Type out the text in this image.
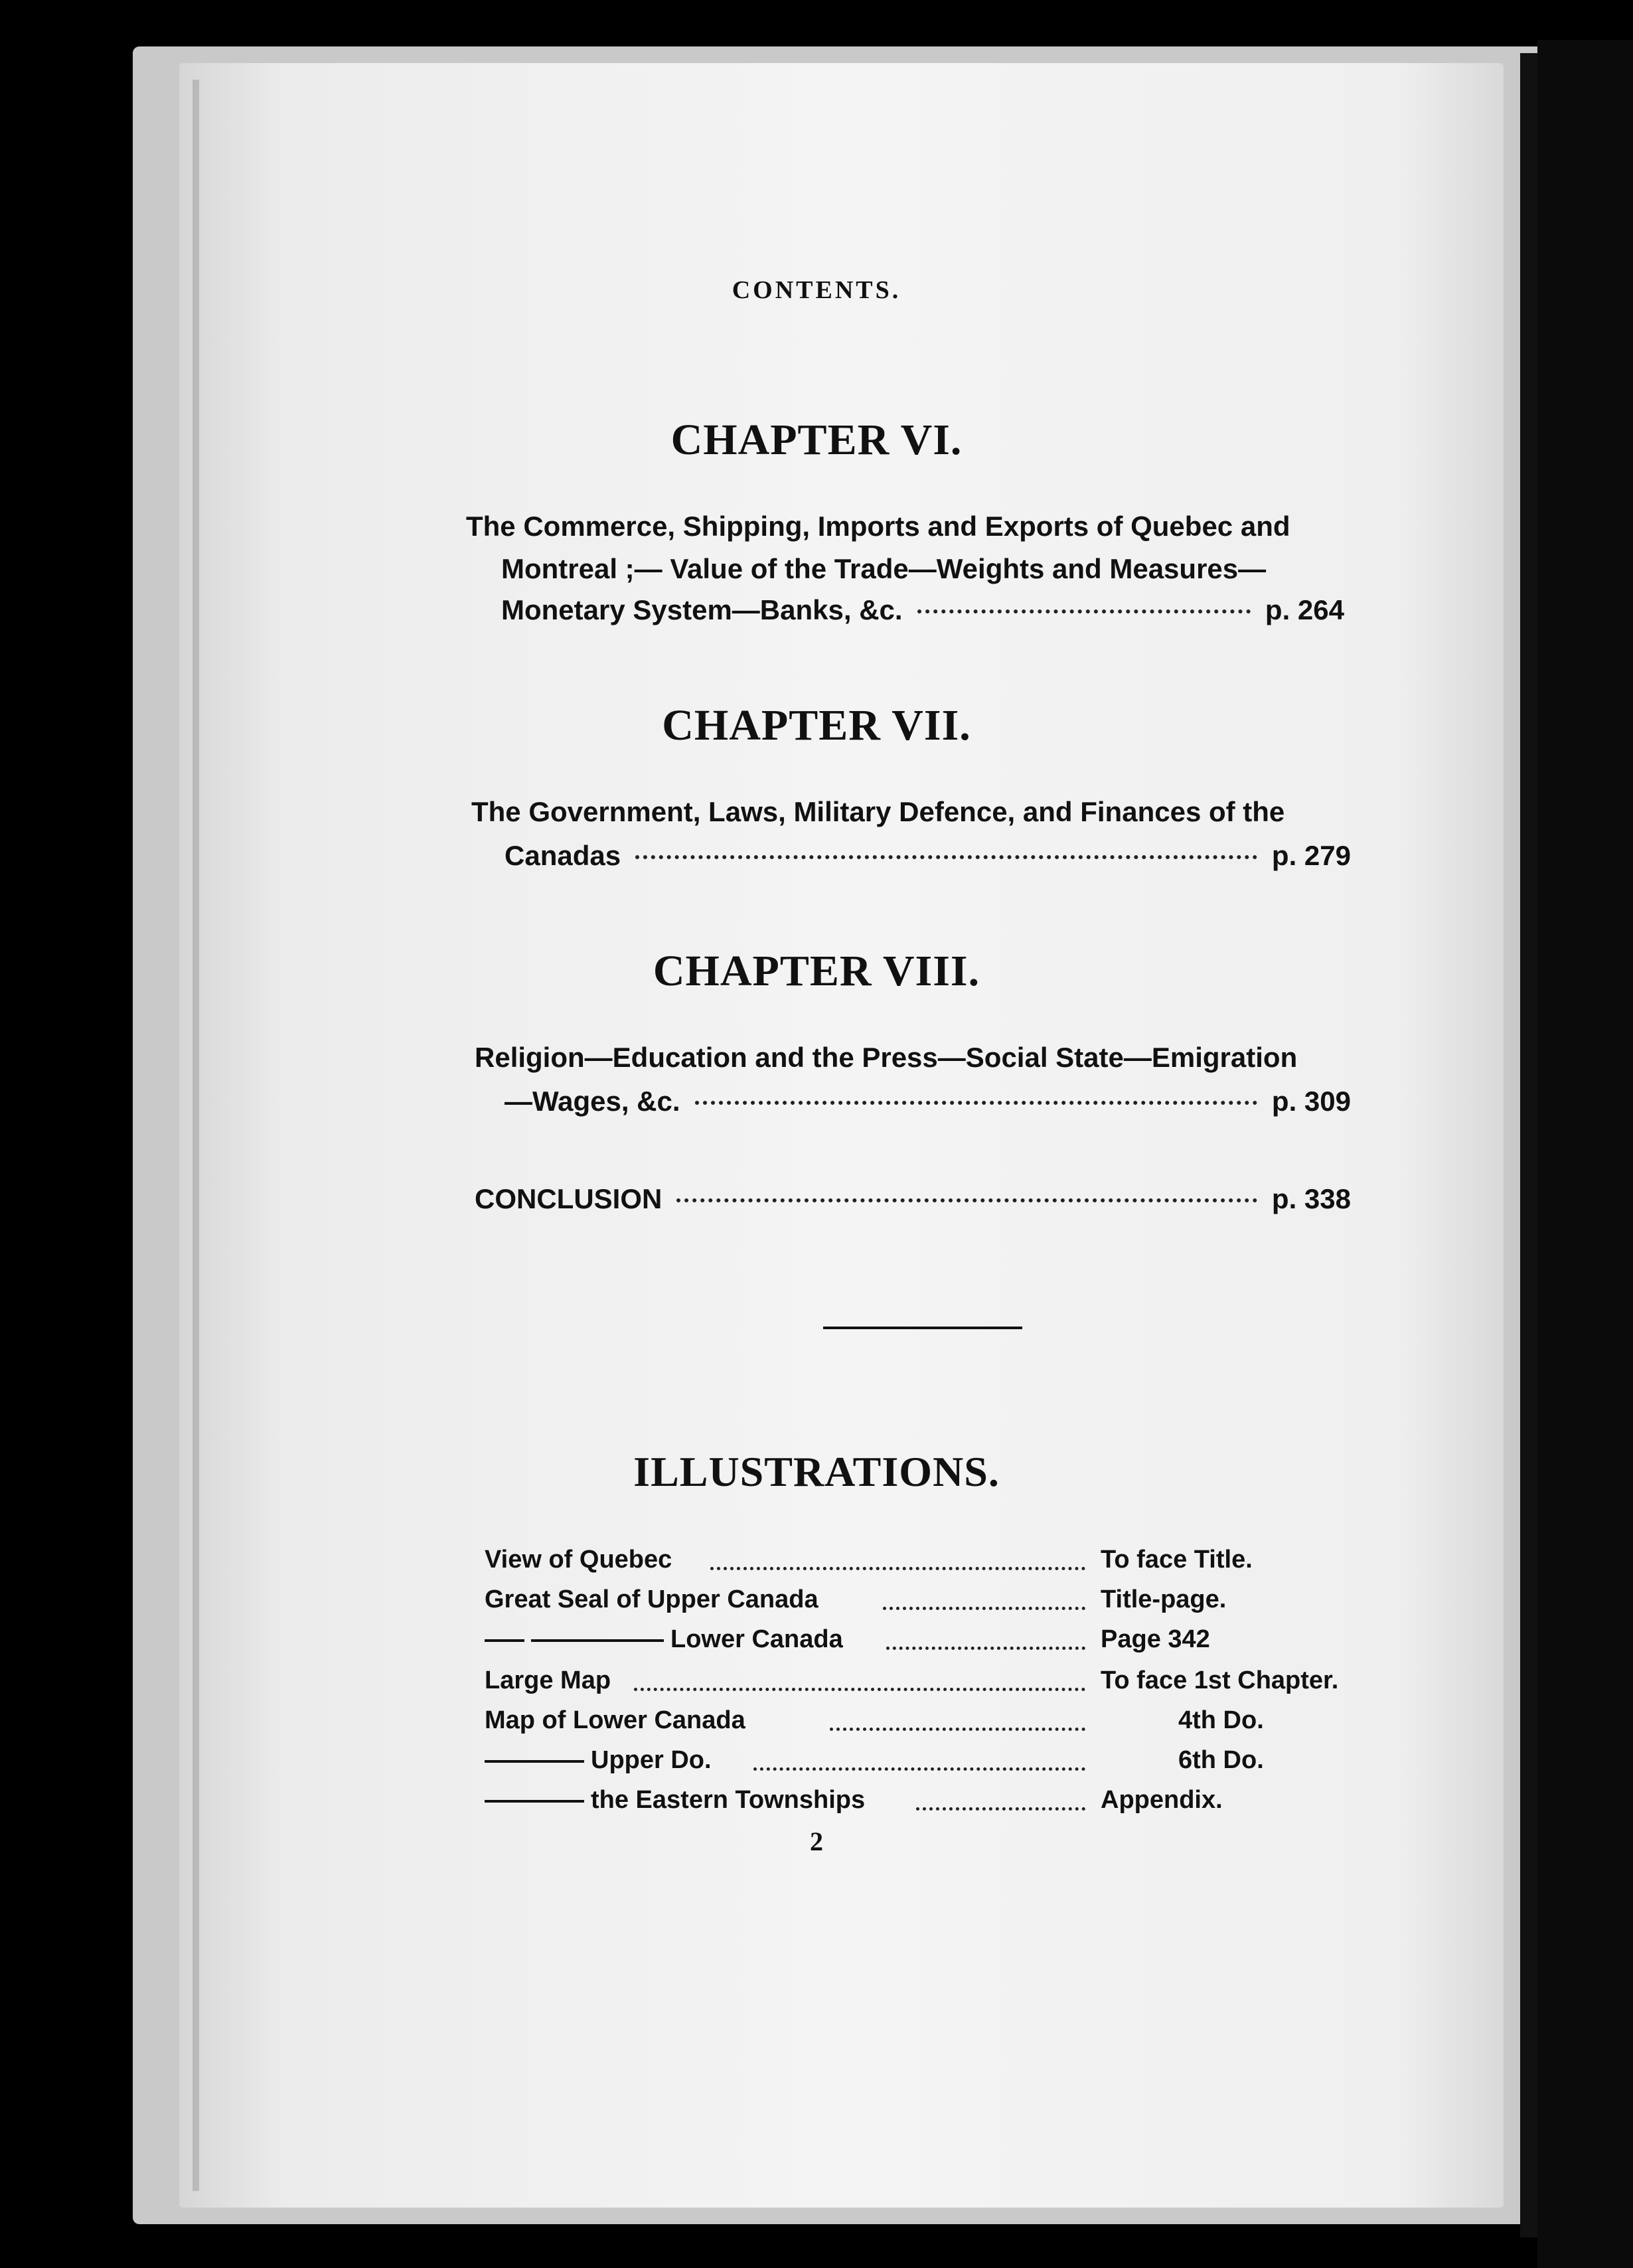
CONTENTS.
CHAPTER VI.
The Commerce, Shipping, Imports and Exports of Quebec and
Montreal ;— Value of the Trade—Weights and Measures—
Monetary System—Banks, &c.	p. 264
CHAPTER VII.
The Government, Laws, Military Defence, and Finances of the
Canadas	p. 279
CHAPTER VIII.
Religion—Education and the Press—Social State—Emigration
—Wages, &c.	p. 309
CONCLUSION	p. 338
ILLUSTRATIONS.
View of Quebec	To face Title.
Great Seal of Upper Canada	Title-page.
Lower Canada	Page 342
Large Map	To face 1st Chapter.
Map of Lower Canada	4th Do.
Upper Do.	6th Do.
the Eastern Townships	Appendix.
2
